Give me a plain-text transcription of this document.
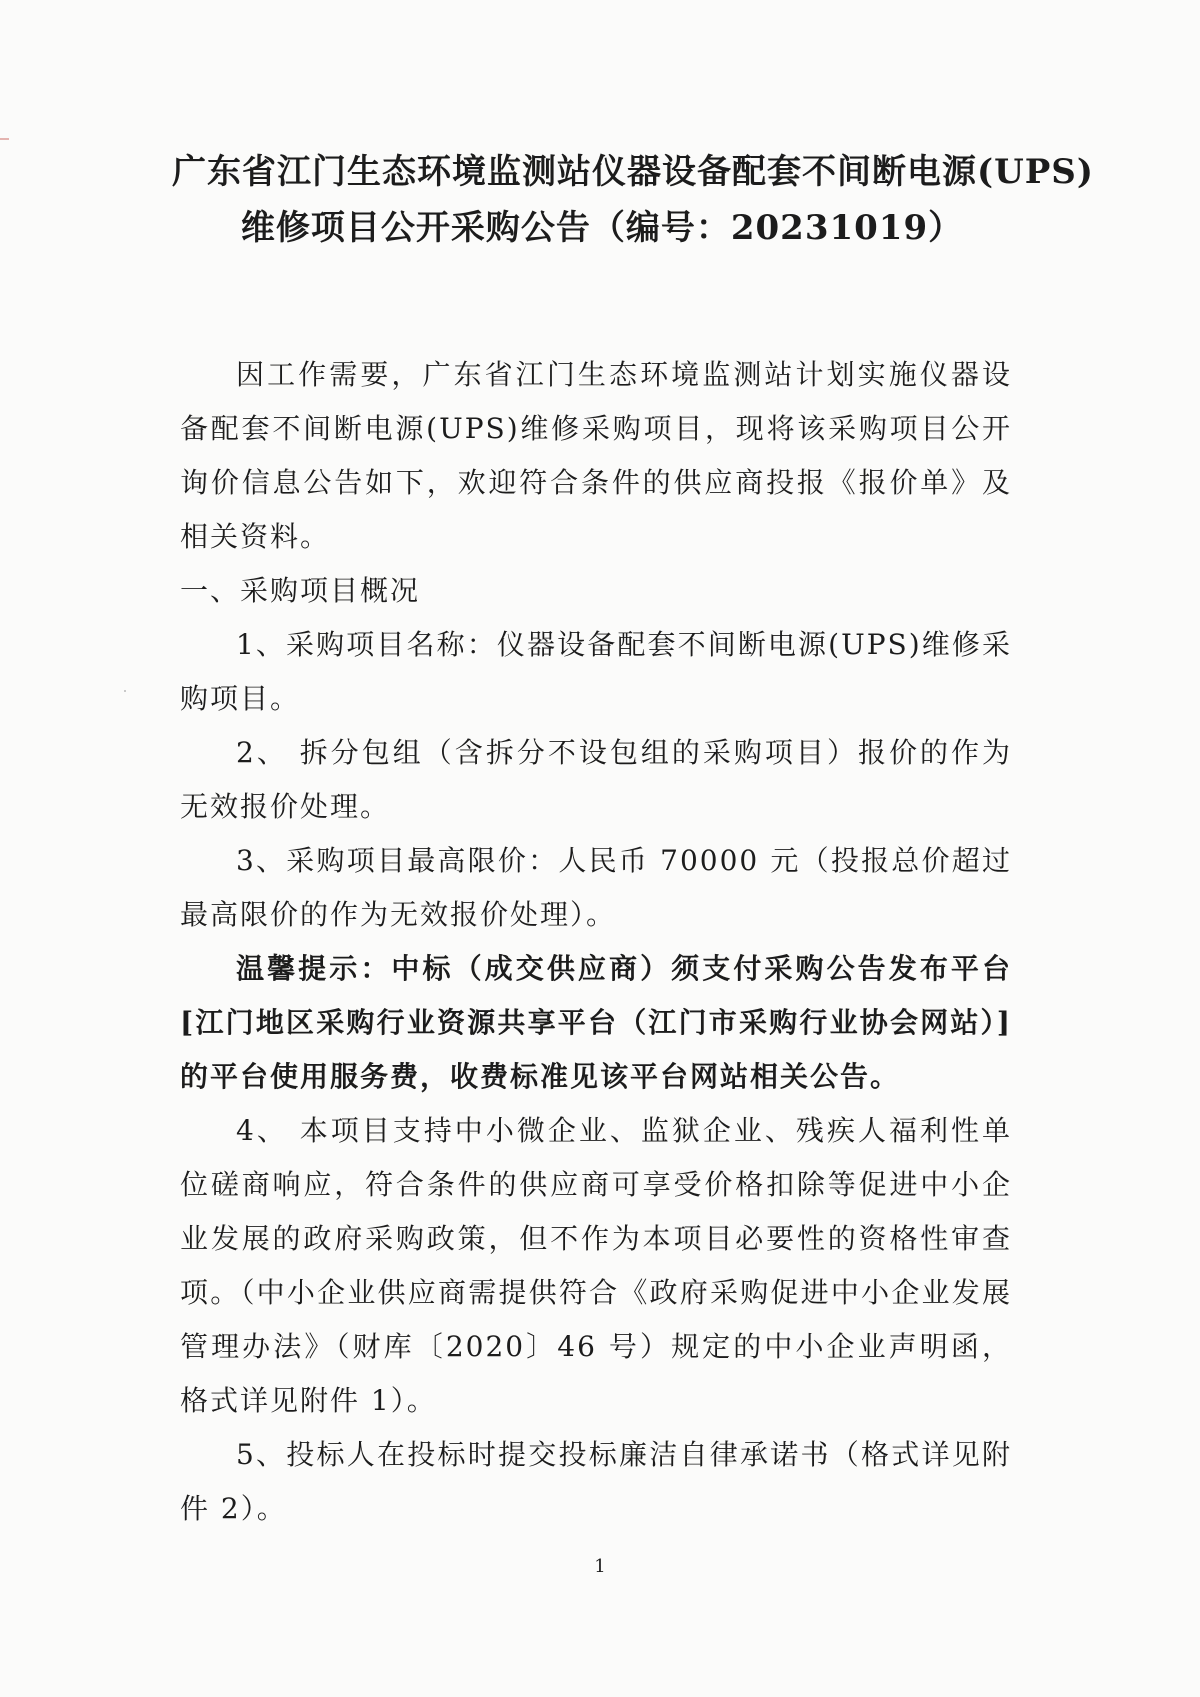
广东省江门生态环境监测站仪器设备配套不间断电源(UPS)
维修项目公开采购公告（编号：20231019）

因工作需要，广东省江门生态环境监测站计划实施仪器设备配套不间断电源(UPS)维修采购项目，现将该采购项目公开询价信息公告如下，欢迎符合条件的供应商投报《报价单》及相关资料。

一、采购项目概况

1、采购项目名称：仪器设备配套不间断电源(UPS)维修采购项目。

2、 拆分包组（含拆分不设包组的采购项目）报价的作为无效报价处理。

3、采购项目最高限价：人民币 70000 元（投报总价超过最高限价的作为无效报价处理）。

温馨提示：中标（成交供应商）须支付采购公告发布平台[江门地区采购行业资源共享平台（江门市采购行业协会网站）]的平台使用服务费，收费标准见该平台网站相关公告。

4、 本项目支持中小微企业、监狱企业、残疾人福利性单位磋商响应，符合条件的供应商可享受价格扣除等促进中小企业发展的政府采购政策，但不作为本项目必要性的资格性审查项。（中小企业供应商需提供符合《政府采购促进中小企业发展管理办法》（财库〔2020〕46 号）规定的中小企业声明函，格式详见附件 1）。

5、投标人在投标时提交投标廉洁自律承诺书（格式详见附件 2）。

1
